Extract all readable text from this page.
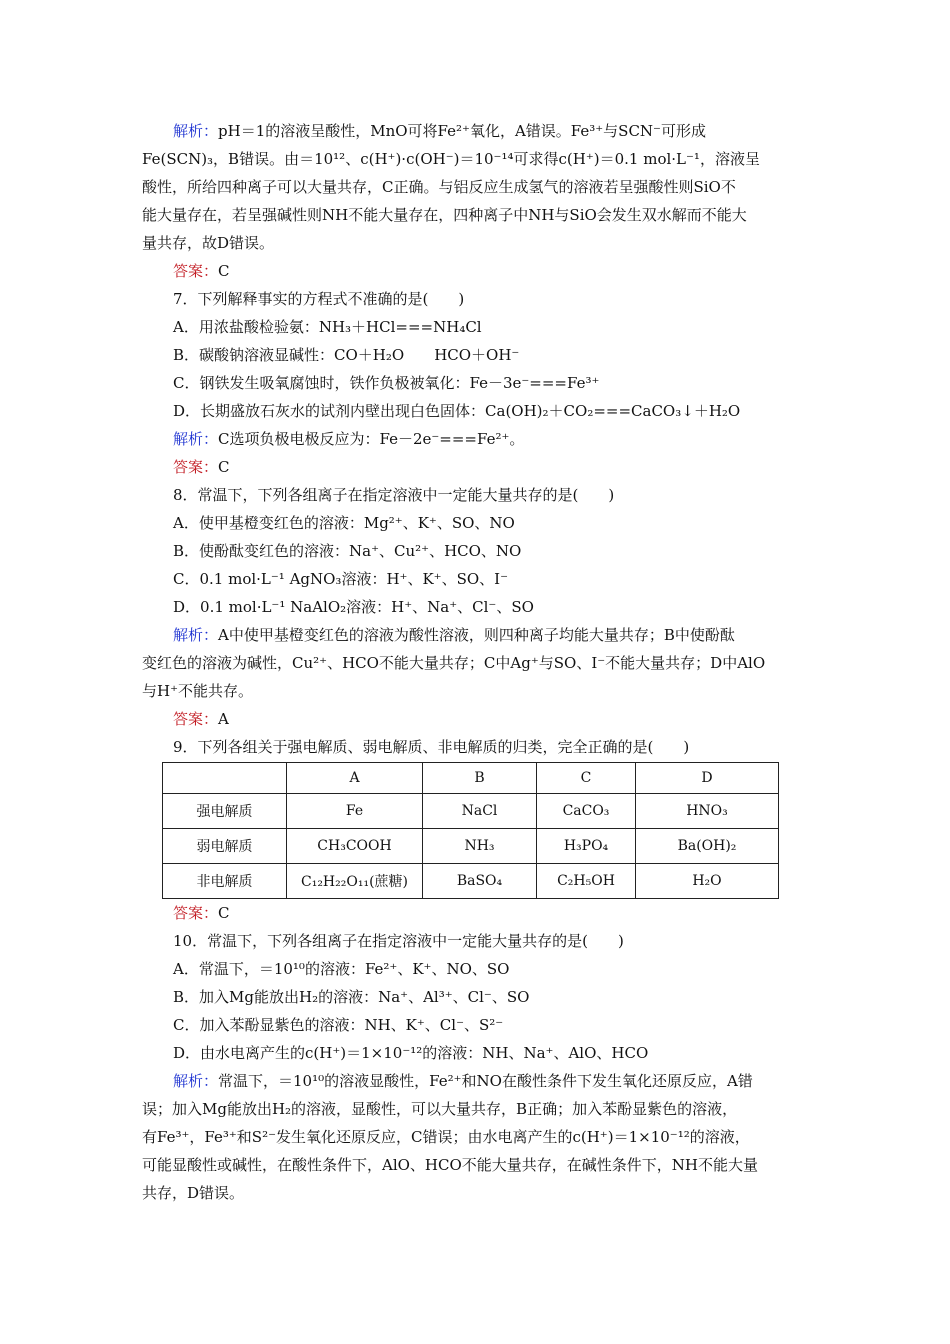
解析：pH＝1的溶液呈酸性，MnO可将Fe²⁺氧化，A错误。Fe³⁺与SCN⁻可形成
Fe(SCN)₃，B错误。由＝10¹²、c(H⁺)·c(OH⁻)＝10⁻¹⁴可求得c(H⁺)＝0.1 mol·L⁻¹，溶液呈
酸性，所给四种离子可以大量共存，C正确。与铝反应生成氢气的溶液若呈强酸性则SiO不
能大量存在，若呈强碱性则NH不能大量存在，四种离子中NH与SiO会发生双水解而不能大
量共存，故D错误。
答案：C
7．下列解释事实的方程式不准确的是(　　)
A．用浓盐酸检验氨：NH₃＋HCl===NH₄Cl
B．碳酸钠溶液显碱性：CO＋H₂O　　HCO＋OH⁻
C．钢铁发生吸氧腐蚀时，铁作负极被氧化：Fe－3e⁻===Fe³⁺
D．长期盛放石灰水的试剂内壁出现白色固体：Ca(OH)₂＋CO₂===CaCO₃↓＋H₂O
解析：C选项负极电极反应为：Fe－2e⁻===Fe²⁺。
答案：C
8．常温下，下列各组离子在指定溶液中一定能大量共存的是(　　)
A．使甲基橙变红色的溶液：Mg²⁺、K⁺、SO、NO
B．使酚酞变红色的溶液：Na⁺、Cu²⁺、HCO、NO
C．0.1 mol·L⁻¹ AgNO₃溶液：H⁺、K⁺、SO、I⁻
D．0.1 mol·L⁻¹ NaAlO₂溶液：H⁺、Na⁺、Cl⁻、SO
解析：A中使甲基橙变红色的溶液为酸性溶液，则四种离子均能大量共存；B中使酚酞
变红色的溶液为碱性，Cu²⁺、HCO不能大量共存；C中Ag⁺与SO、I⁻不能大量共存；D中AlO
与H⁺不能共存。
答案：A
9．下列各组关于强电解质、弱电解质、非电解质的归类，完全正确的是(　　)
	A	B	C	D
强电解质	Fe	NaCl	CaCO₃	HNO₃
弱电解质	CH₃COOH	NH₃	H₃PO₄	Ba(OH)₂
非电解质	C₁₂H₂₂O₁₁(蔗糖)	BaSO₄	C₂H₅OH	H₂O
答案：C
10．常温下，下列各组离子在指定溶液中一定能大量共存的是(　　)
A．常温下，＝10¹⁰的溶液：Fe²⁺、K⁺、NO、SO
B．加入Mg能放出H₂的溶液：Na⁺、Al³⁺、Cl⁻、SO
C．加入苯酚显紫色的溶液：NH、K⁺、Cl⁻、S²⁻
D．由水电离产生的c(H⁺)＝1×10⁻¹²的溶液：NH、Na⁺、AlO、HCO
解析：常温下，＝10¹⁰的溶液显酸性，Fe²⁺和NO在酸性条件下发生氧化还原反应，A错
误；加入Mg能放出H₂的溶液，显酸性，可以大量共存，B正确；加入苯酚显紫色的溶液，
有Fe³⁺，Fe³⁺和S²⁻发生氧化还原反应，C错误；由水电离产生的c(H⁺)＝1×10⁻¹²的溶液，
可能显酸性或碱性，在酸性条件下，AlO、HCO不能大量共存，在碱性条件下，NH不能大量
共存，D错误。
